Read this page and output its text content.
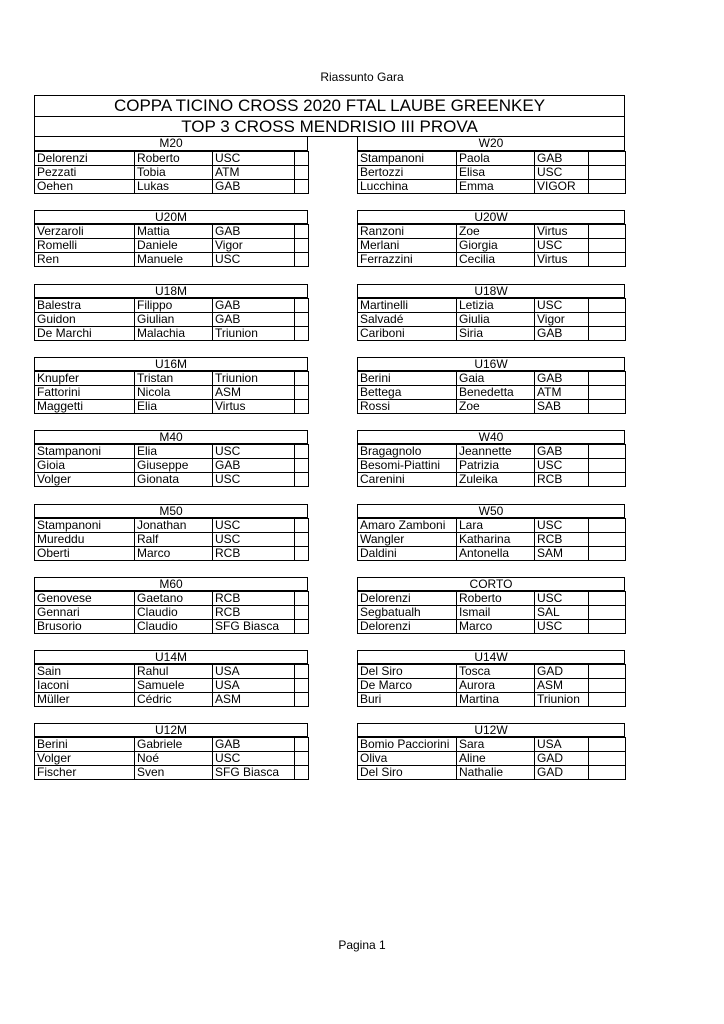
Riassunto Gara
COPPA TICINO CROSS 2020 FTAL LAUBE GREENKEY
TOP 3 CROSS MENDRISIO III PROVA
M20
Delorenzi	Roberto	USC	
Pezzati	Tobia	ATM	
Oehen	Lukas	GAB	
W20
Stampanoni	Paola	GAB	
Bertozzi	Elisa	USC	
Lucchina	Emma	VIGOR	
U20M
Verzaroli	Mattia	GAB	
Romelli	Daniele	Vigor	
Ren	Manuele	USC	
U20W
Ranzoni	Zoe	Virtus	
Merlani	Giorgia	USC	
Ferrazzini	Cecilia	Virtus	
U18M
Balestra	Filippo	GAB	
Guidon	Giulian	GAB	
De Marchi	Malachia	Triunion	
U18W
Martinelli	Letizia	USC	
Salvadé	Giulia	Vigor	
Cariboni	Siria	GAB	
U16M
Knupfer	Tristan	Triunion	
Fattorini	Nicola	ASM	
Maggetti	Elia	Virtus	
U16W
Berini	Gaia	GAB	
Bettega	Benedetta	ATM	
Rossi	Zoe	SAB	
M40
Stampanoni	Elia	USC	
Gioia	Giuseppe	GAB	
Volger	Gionata	USC	
W40
Bragagnolo	Jeannette	GAB	
Besomi-Piattini	Patrizia	USC	
Carenini	Zuleika	RCB	
M50
Stampanoni	Jonathan	USC	
Mureddu	Ralf	USC	
Oberti	Marco	RCB	
W50
Amaro Zamboni	Lara	USC	
Wangler	Katharina	RCB	
Daldini	Antonella	SAM	
M60
Genovese	Gaetano	RCB	
Gennari	Claudio	RCB	
Brusorio	Claudio	SFG Biasca	
CORTO
Delorenzi	Roberto	USC	
Segbatualh	Ismail	SAL	
Delorenzi	Marco	USC	
U14M
Sain	Rahul	USA	
Iaconi	Samuele	USA	
Müller	Cédric	ASM	
U14W
Del Siro	Tosca	GAD	
De Marco	Aurora	ASM	
Buri	Martina	Triunion	
U12M
Berini	Gabriele	GAB	
Volger	Noé	USC	
Fischer	Sven	SFG Biasca	
U12W
Bomio Pacciorini	Sara	USA	
Oliva	Aline	GAD	
Del Siro	Nathalie	GAD	
Pagina 1
